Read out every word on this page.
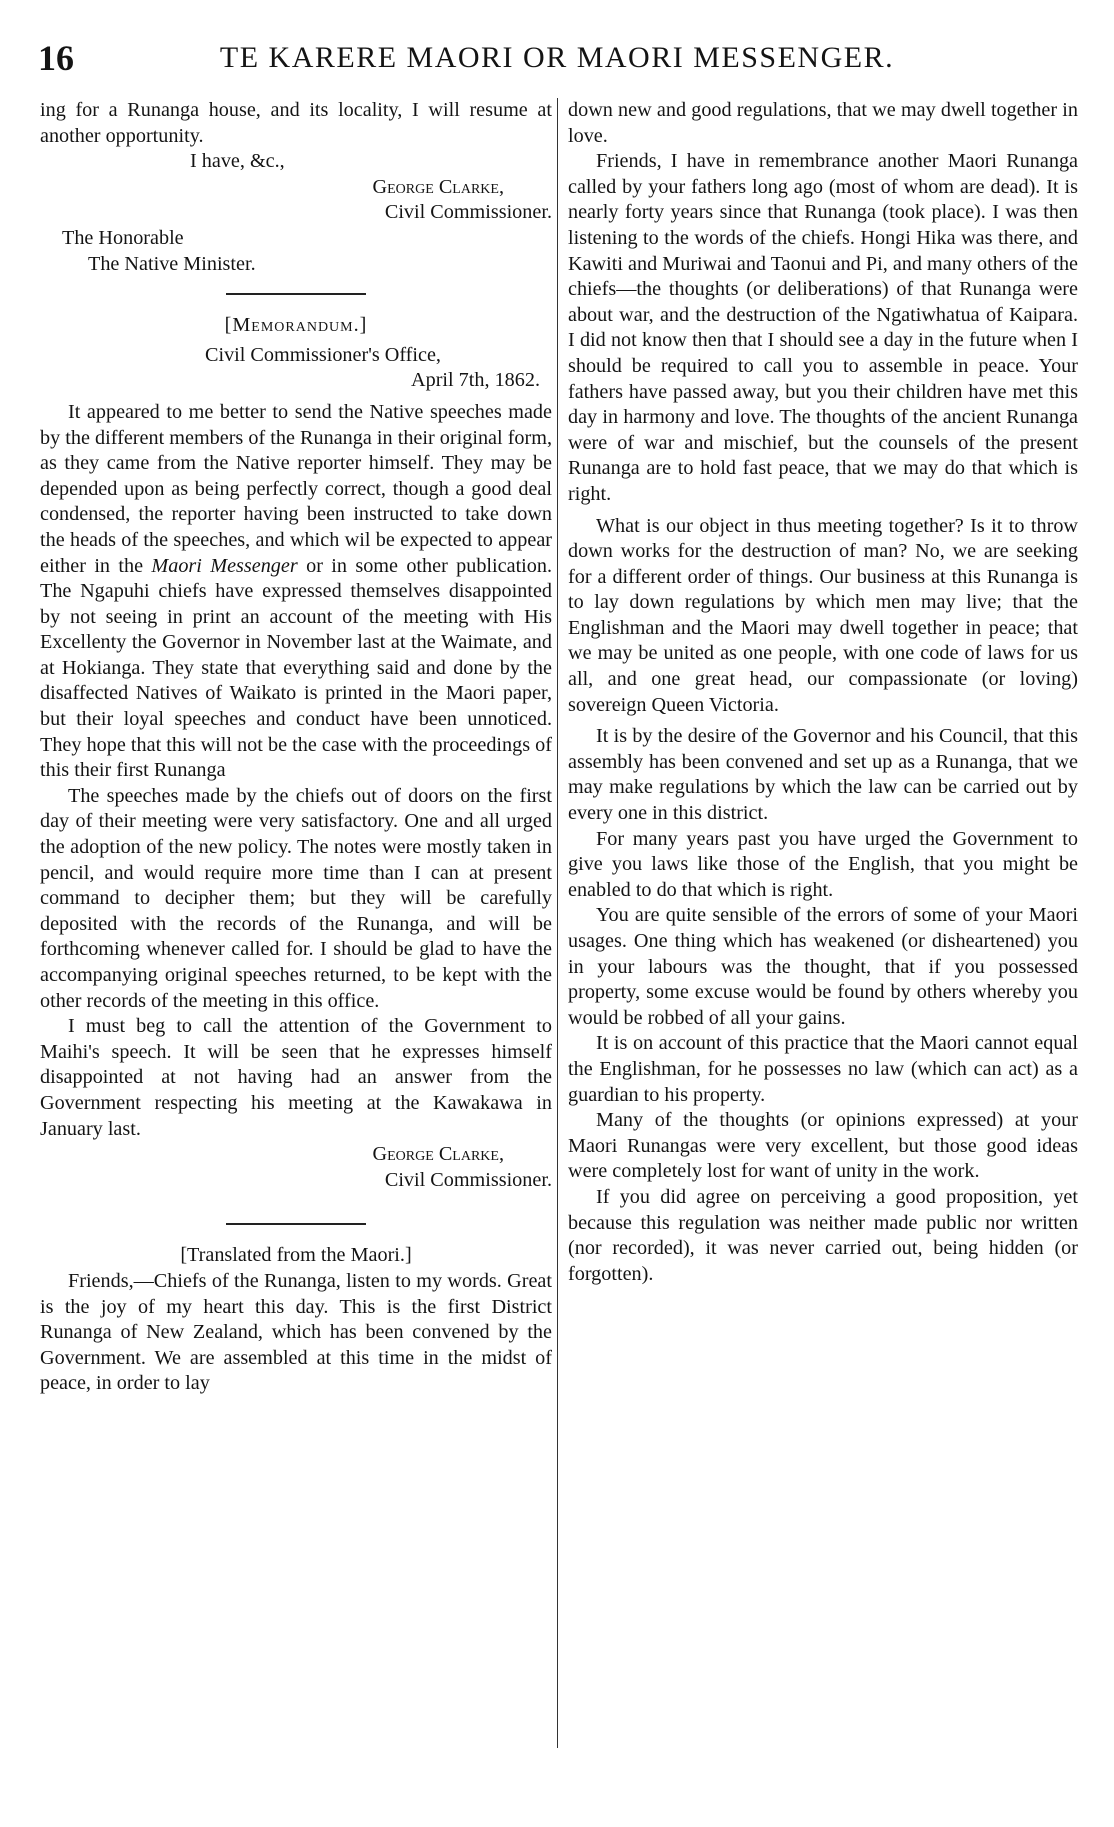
16	TE KARERE MAORI OR MAORI MESSENGER.

ing for a Runanga house, and its locality, I will resume at another opportunity.

I have, &c.,

George Clarke,

Civil Commissioner.

The Honorable

The Native Minister.

[Memorandum.]

Civil Commissioner's Office,

April 7th, 1862.

It appeared to me better to send the Native speeches made by the different members of the Runanga in their original form, as they came from the Native reporter himself. They may be depended upon as being perfectly correct, though a good deal condensed, the reporter having been instructed to take down the heads of the speeches, and which wil be expected to appear either in the Maori Messenger or in some other publication. The Ngapuhi chiefs have expressed themselves disappointed by not seeing in print an account of the meeting with His Excellenty the Governor in November last at the Waimate, and at Hokianga. They state that everything said and done by the disaffected Natives of Waikato is printed in the Maori paper, but their loyal speeches and conduct have been unnoticed. They hope that this will not be the case with the proceedings of this their first Runanga

The speeches made by the chiefs out of doors on the first day of their meeting were very satisfactory. One and all urged the adoption of the new policy. The notes were mostly taken in pencil, and would require more time than I can at present command to decipher them; but they will be carefully deposited with the records of the Runanga, and will be forthcoming whenever called for. I should be glad to have the accompanying original speeches returned, to be kept with the other records of the meeting in this office.

I must beg to call the attention of the Government to Maihi's speech. It will be seen that he expresses himself disappointed at not having had an answer from the Government respecting his meeting at the Kawakawa in January last.

George Clarke,

Civil Commissioner.

[Translated from the Maori.]

Friends,—Chiefs of the Runanga, listen to my words. Great is the joy of my heart this day. This is the first District Runanga of New Zealand, which has been convened by the Government. We are assembled at this time in the midst of peace, in order to lay

down new and good regulations, that we may dwell together in love.

Friends, I have in remembrance another Maori Runanga called by your fathers long ago (most of whom are dead). It is nearly forty years since that Runanga (took place). I was then listening to the words of the chiefs. Hongi Hika was there, and Kawiti and Muriwai and Taonui and Pi, and many others of the chiefs—the thoughts (or deliberations) of that Runanga were about war, and the destruction of the Ngatiwhatua of Kaipara. I did not know then that I should see a day in the future when I should be required to call you to assemble in peace. Your fathers have passed away, but you their children have met this day in harmony and love. The thoughts of the ancient Runanga were of war and mischief, but the counsels of the present Runanga are to hold fast peace, that we may do that which is right.

What is our object in thus meeting together? Is it to throw down works for the destruction of man? No, we are seeking for a different order of things. Our business at this Runanga is to lay down regulations by which men may live; that the Englishman and the Maori may dwell together in peace; that we may be united as one people, with one code of laws for us all, and one great head, our compassionate (or loving) sovereign Queen Victoria.

It is by the desire of the Governor and his Council, that this assembly has been convened and set up as a Runanga, that we may make regulations by which the law can be carried out by every one in this district.

For many years past you have urged the Government to give you laws like those of the English, that you might be enabled to do that which is right.

You are quite sensible of the errors of some of your Maori usages. One thing which has weakened (or disheartened) you in your labours was the thought, that if you possessed property, some excuse would be found by others whereby you would be robbed of all your gains.

It is on account of this practice that the Maori cannot equal the Englishman, for he possesses no law (which can act) as a guardian to his property.

Many of the thoughts (or opinions expressed) at your Maori Runangas were very excellent, but those good ideas were completely lost for want of unity in the work.

If you did agree on perceiving a good proposition, yet because this regulation was neither made public nor written (nor recorded), it was never carried out, being hidden (or forgotten).
